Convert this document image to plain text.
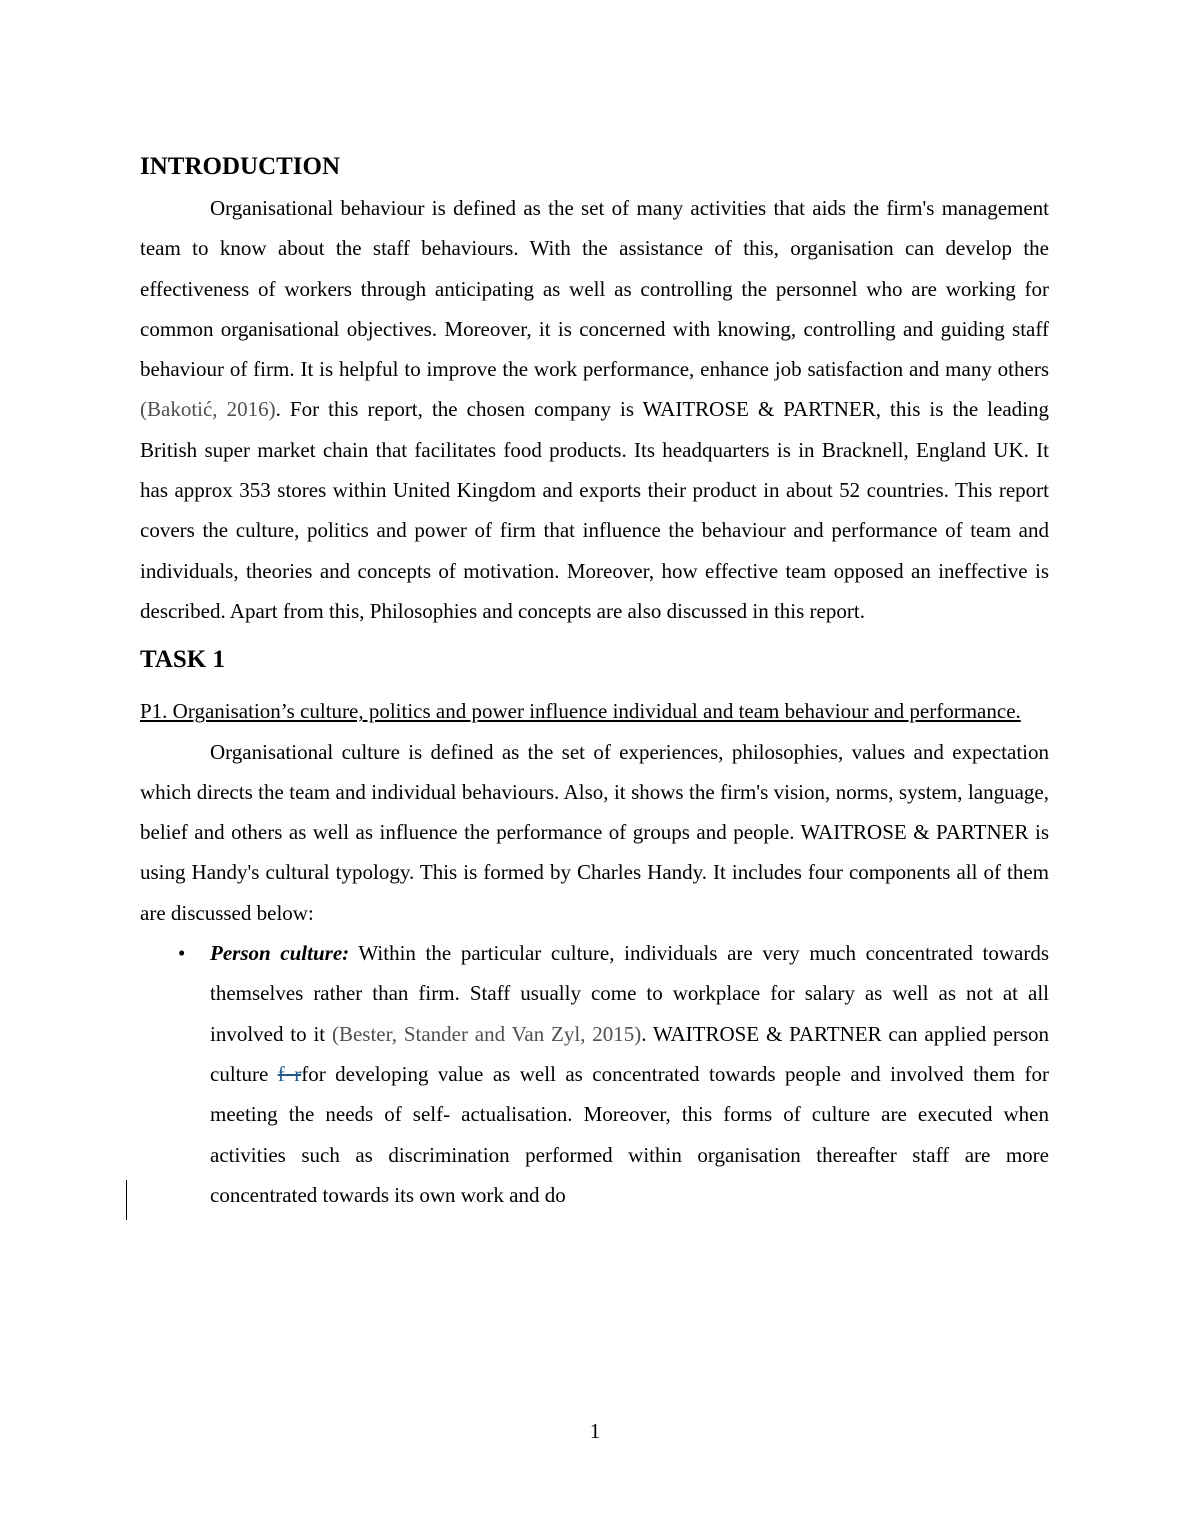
INTRODUCTION

Organisational behaviour is defined as the set of many activities that aids the firm's management team to know about the staff behaviours. With the assistance of this, organisation can develop the effectiveness of workers through anticipating as well as controlling the personnel who are working for common organisational objectives. Moreover, it is concerned with knowing, controlling and guiding staff behaviour of firm. It is helpful to improve the work performance, enhance job satisfaction and many others (Bakotić, 2016). For this report, the chosen company is WAITROSE & PARTNER, this is the leading British super market chain that facilitates food products. Its headquarters is in Bracknell, England UK. It has approx 353 stores within United Kingdom and exports their product in about 52 countries. This report covers the culture, politics and power of firm that influence the behaviour and performance of team and individuals, theories and concepts of motivation. Moreover, how effective team opposed an ineffective is described. Apart from this, Philosophies and concepts are also discussed in this report.

TASK 1

P1. Organisation’s culture, politics and power influence individual and team behaviour and performance.

Organisational culture is defined as the set of experiences, philosophies, values and expectation which directs the team and individual behaviours. Also, it shows the firm's vision, norms, system, language, belief and others as well as influence the performance of groups and people. WAITROSE & PARTNER is using Handy's cultural typology. This is formed by Charles Handy. It includes four components all of them are discussed below:

• Person culture: Within the particular culture, individuals are very much concentrated towards themselves rather than firm. Staff usually come to workplace for salary as well as not at all involved to it (Bester, Stander and Van Zyl, 2015). WAITROSE & PARTNER can applied person culture f rfor developing value as well as concentrated towards people and involved them for meeting the needs of self- actualisation. Moreover, this forms of culture are executed when activities such as discrimination performed within organisation thereafter staff are more concentrated towards its own work and do
1
